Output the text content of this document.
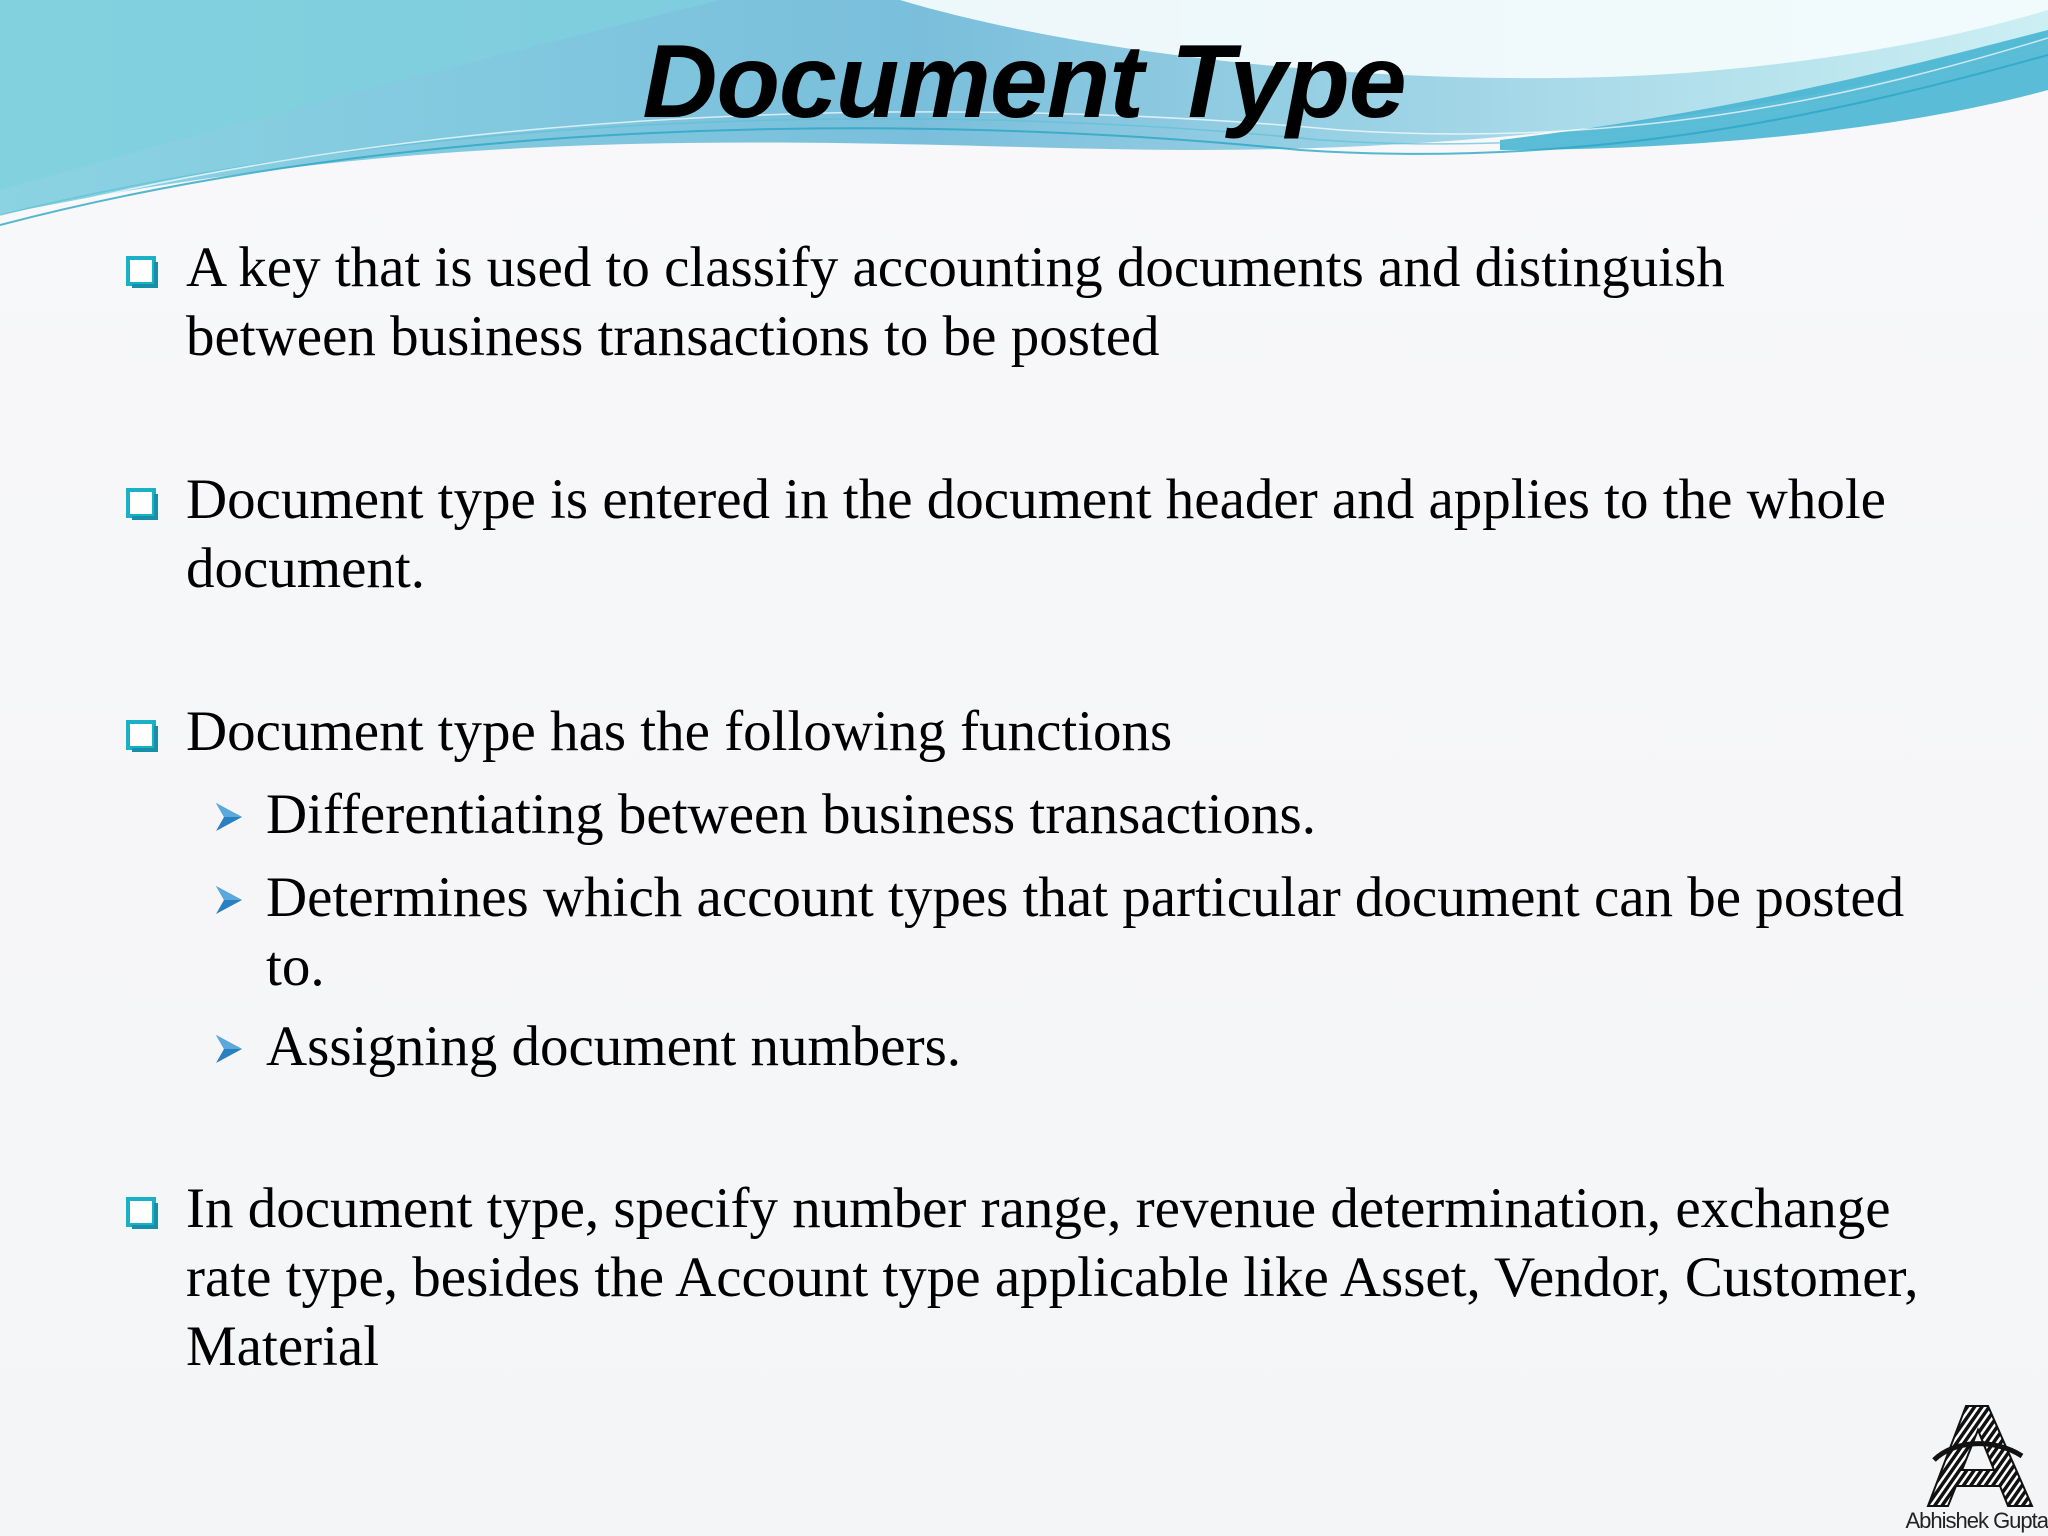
Document Type
A key that is used to classify accounting documents and distinguish between business transactions to be posted
Document type is entered in the document header and applies to the whole document.
Document type has the following functions
Differentiating between business transactions.
Determines which account types that particular document can be posted to.
Assigning document numbers.
In document type, specify number range, revenue determination, exchange rate type, besides the Account type applicable like Asset, Vendor, Customer, Material
Abhishek Gupta
